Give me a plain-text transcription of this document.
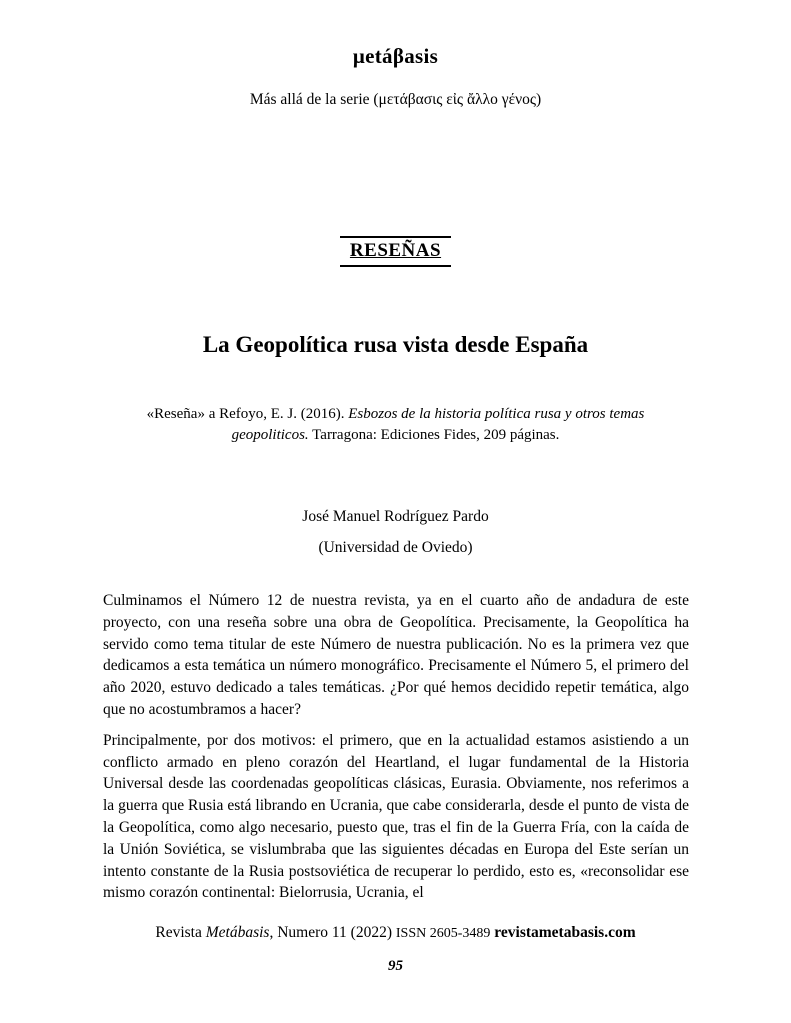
μetáβasis
Más allá de la serie (μετάβασις εἰς ἄλλο γένος)
RESEÑAS
La Geopolítica rusa vista desde España
«Reseña» a Refoyo, E. J. (2016). Esbozos de la historia política rusa y otros temas geopoliticos. Tarragona: Ediciones Fides, 209 páginas.
José Manuel Rodríguez Pardo
(Universidad de Oviedo)

Culminamos el Número 12 de nuestra revista, ya en el cuarto año de andadura de este proyecto, con una reseña sobre una obra de Geopolítica. Precisamente, la Geopolítica ha servido como tema titular de este Número de nuestra publicación. No es la primera vez que dedicamos a esta temática un número monográfico. Precisamente el Número 5, el primero del año 2020, estuvo dedicado a tales temáticas. ¿Por qué hemos decidido repetir temática, algo que no acostumbramos a hacer?

Principalmente, por dos motivos: el primero, que en la actualidad estamos asistiendo a un conflicto armado en pleno corazón del Heartland, el lugar fundamental de la Historia Universal desde las coordenadas geopolíticas clásicas, Eurasia. Obviamente, nos referimos a la guerra que Rusia está librando en Ucrania, que cabe considerarla, desde el punto de vista de la Geopolítica, como algo necesario, puesto que, tras el fin de la Guerra Fría, con la caída de la Unión Soviética, se vislumbraba que las siguientes décadas en Europa del Este serían un intento constante de la Rusia postsoviética de recuperar lo perdido, esto es, «reconsolidar ese mismo corazón continental: Bielorrusia, Ucrania, el

Revista Metábasis, Numero 11 (2022) ISSN 2605-3489 revistametabasis.com
95
